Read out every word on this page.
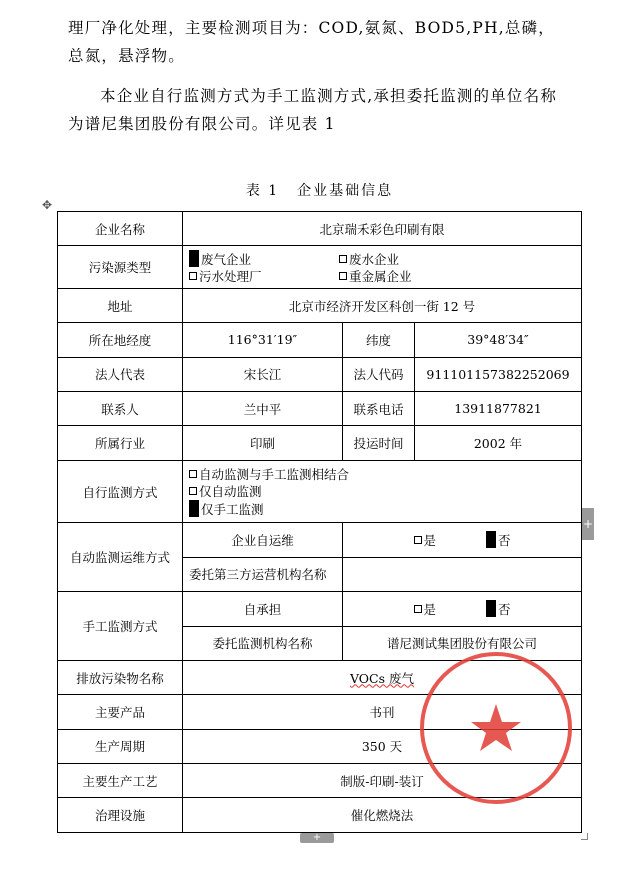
理厂净化处理，主要检测项目为：COD,氨氮、BOD5,PH,总磷，总氮，悬浮物。
本企业自行监测方式为手工监测方式,承担委托监测的单位名称为谱尼集团股份有限公司。详见表 1
表 1 企业基础信息
✥
企业名称	北京瑞禾彩色印刷有限		
污染源类型	废气企业 废水企业
污水处理厂 重金属企业		

地址	北京市经济开发区科创一街 12 号		
所在地经度	116°31′19″	纬度	39°48′34″
法人代表	宋长江	法人代码	911101157382252069
联系人	兰中平	联系电话	13911877821
所属行业	印刷	投运时间	2002 年
自行监测方式	自动监测与手工监测相结合
仅自动监测
仅手工监测		

自动监测运维方式	企业自运维	是 否	
	委托第三方运营机构名称		
手工监测方式	自承担	是 否	
	委托监测机构名称	谱尼测试集团股份有限公司	
排放污染物名称	VOCs 废气		
主要产品	书刊		
生产周期	350 天		
主要生产工艺	制版-印刷-装订		
治理设施	催化燃烧法		
+
+
